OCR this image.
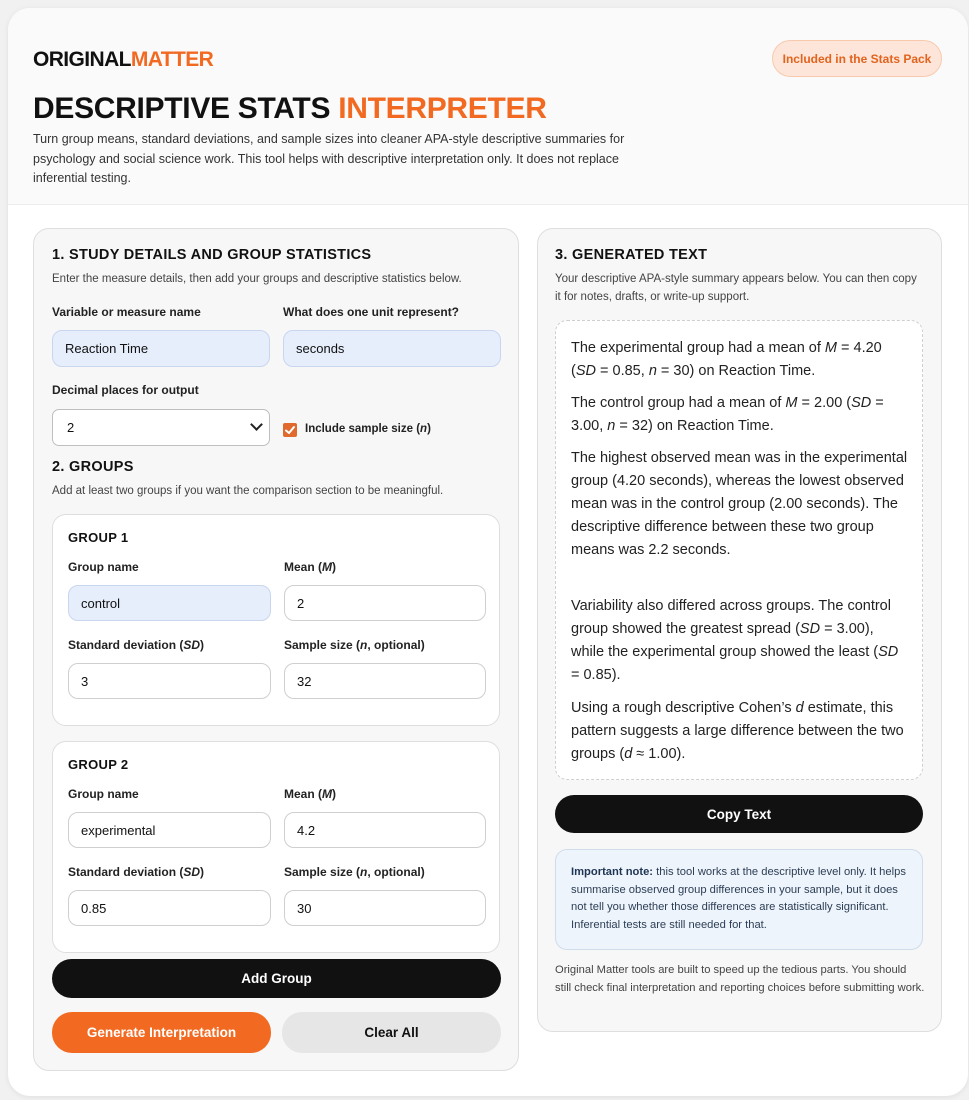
ORIGINALMATTER	Included in the Stats Pack
DESCRIPTIVE STATS INTERPRETER
Turn group means, standard deviations, and sample sizes into cleaner APA-style descriptive summaries for psychology and social science work. This tool helps with descriptive interpretation only. It does not replace inferential testing.
1. STUDY DETAILS AND GROUP STATISTICS
Enter the measure details, then add your groups and descriptive statistics below.
Variable or measure name
Reaction Time
What does one unit represent?
seconds
Decimal places for output
2	Include sample size (n)
2. GROUPS
Add at least two groups if you want the comparison section to be meaningful.
GROUP 1
Group name
control
Mean (M)
2
Standard deviation (SD)
3
Sample size (n, optional)
32
GROUP 2
Group name
experimental
Mean (M)
4.2
Standard deviation (SD)
0.85
Sample size (n, optional)
30
Add Group
Generate Interpretation	Clear All
3. GENERATED TEXT
Your descriptive APA-style summary appears below. You can then copy it for notes, drafts, or write-up support.

The experimental group had a mean of M = 4.20 (SD = 0.85, n = 30) on Reaction Time.

The control group had a mean of M = 2.00 (SD = 3.00, n = 32) on Reaction Time.

The highest observed mean was in the experimental group (4.20 seconds), whereas the lowest observed mean was in the control group (2.00 seconds). The descriptive difference between these two group means was 2.2 seconds.

Variability also differed across groups. The control group showed the greatest spread (SD = 3.00), while the experimental group showed the least (SD = 0.85).

Using a rough descriptive Cohen’s d estimate, this pattern suggests a large difference between the two groups (d ≈ 1.00).

Copy Text
Important note: this tool works at the descriptive level only. It helps summarise observed group differences in your sample, but it does not tell you whether those differences are statistically significant. Inferential tests are still needed for that.
Original Matter tools are built to speed up the tedious parts. You should still check final interpretation and reporting choices before submitting work.
